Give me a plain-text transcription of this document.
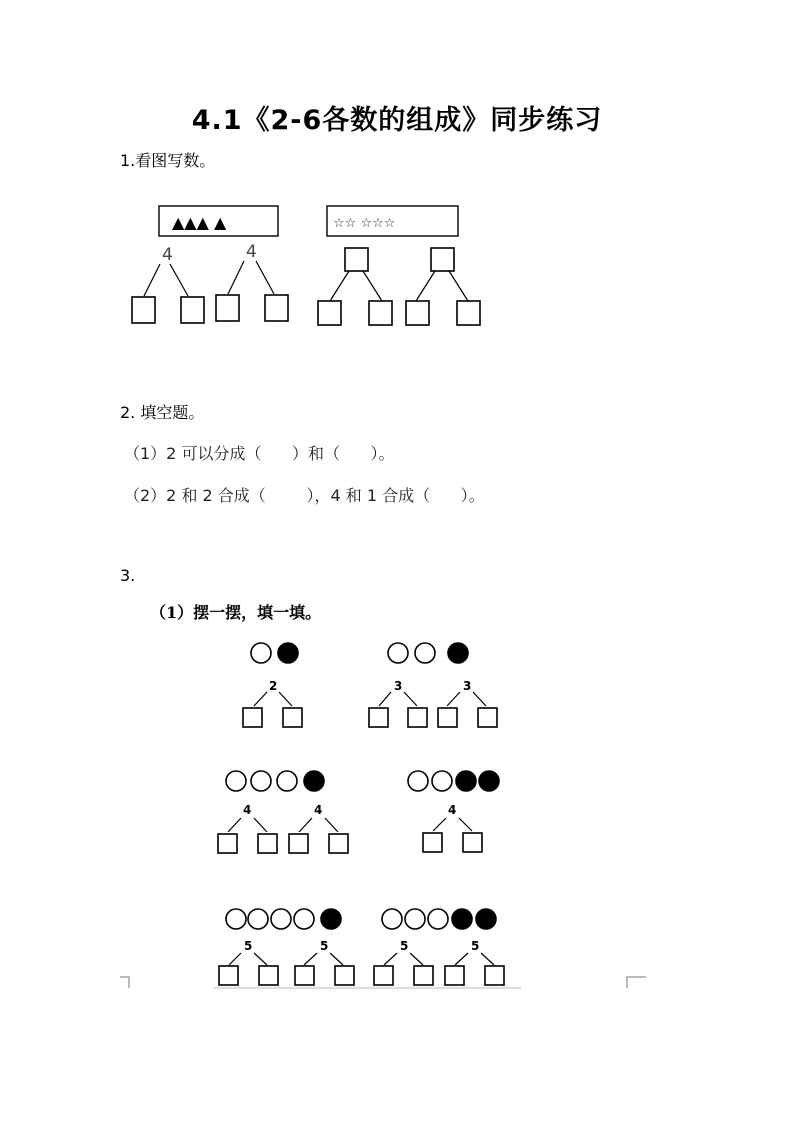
4.1《2-6各数的组成》同步练习
1.看图写数。
▲▲▲ ▲
4	4
☆☆ ☆☆☆
2. 填空题。
（1）2 可以分成（      ）和（      ）。
（2）2 和 2 合成（        ），4 和 1 合成（      ）。
3.
（1）摆一摆，填一填。
2	3	3
4	4	4
5	5	5	5
